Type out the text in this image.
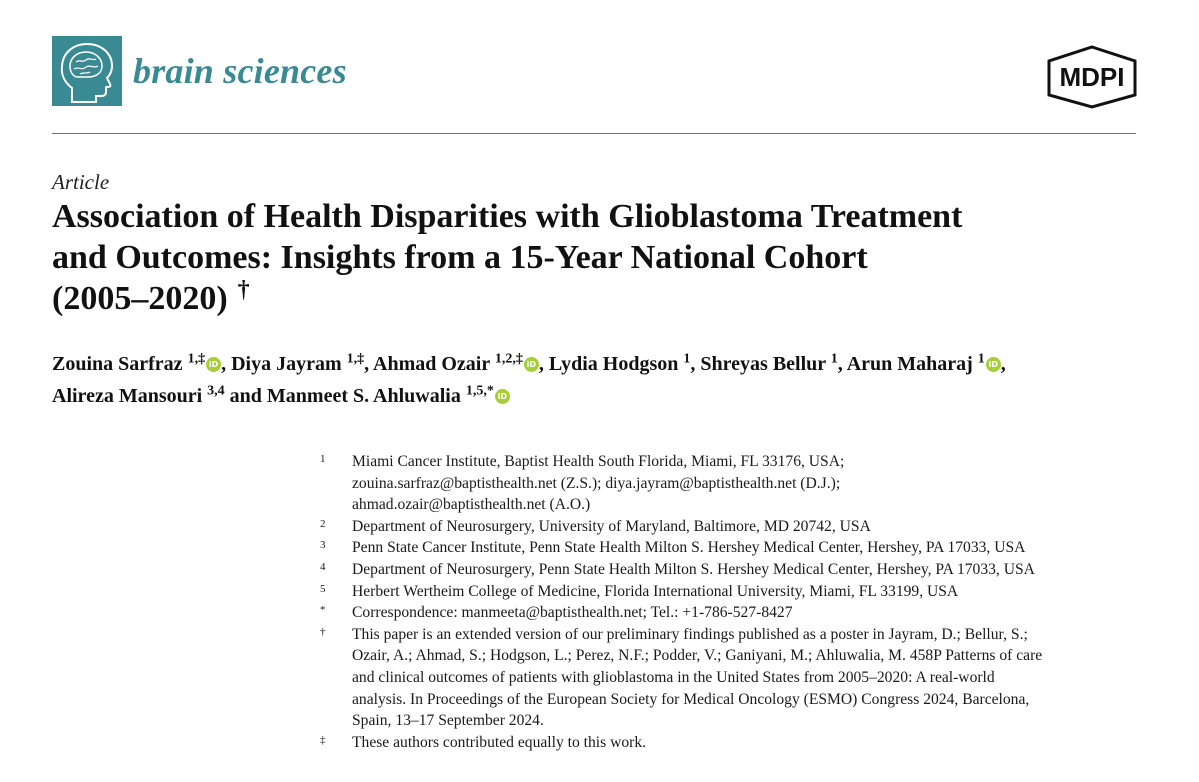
brain sciences	MDPI
Article
Association of Health Disparities with Glioblastoma Treatment
and Outcomes: Insights from a 15-Year National Cohort
(2005–2020) †
Zouina Sarfraz $^{1,\ddagger}$ iD , Diya Jayram $^{1,\ddagger}$, Ahmad Ozair $^{1,2,\ddagger}$ iD , Lydia Hodgson $^1$, Shreyas Bellur $^1$, Arun Maharaj $^1$ iD ,
Alireza Mansouri $^{3,4}$ and Manmeet S. Ahluwalia $^{1,5,*}$ iD
1	Miami Cancer Institute, Baptist Health South Florida, Miami, FL 33176, USA;
zouina.sarfraz@baptisthealth.net (Z.S.); diya.jayram@baptisthealth.net (D.J.);
ahmad.ozair@baptisthealth.net (A.O.)
2	Department of Neurosurgery, University of Maryland, Baltimore, MD 20742, USA
3	Penn State Cancer Institute, Penn State Health Milton S. Hershey Medical Center, Hershey, PA 17033, USA
4	Department of Neurosurgery, Penn State Health Milton S. Hershey Medical Center, Hershey, PA 17033, USA
5	Herbert Wertheim College of Medicine, Florida International University, Miami, FL 33199, USA
*	Correspondence: manmeeta@baptisthealth.net; Tel.: +1-786-527-8427
†	This paper is an extended version of our preliminary findings published as a poster in Jayram, D.; Bellur, S.;
Ozair, A.; Ahmad, S.; Hodgson, L.; Perez, N.F.; Podder, V.; Ganiyani, M.; Ahluwalia, M. 458P Patterns of care
and clinical outcomes of patients with glioblastoma in the United States from 2005–2020: A real-world
analysis. In Proceedings of the European Society for Medical Oncology (ESMO) Congress 2024, Barcelona,
Spain, 13–17 September 2024.
‡	These authors contributed equally to this work.
